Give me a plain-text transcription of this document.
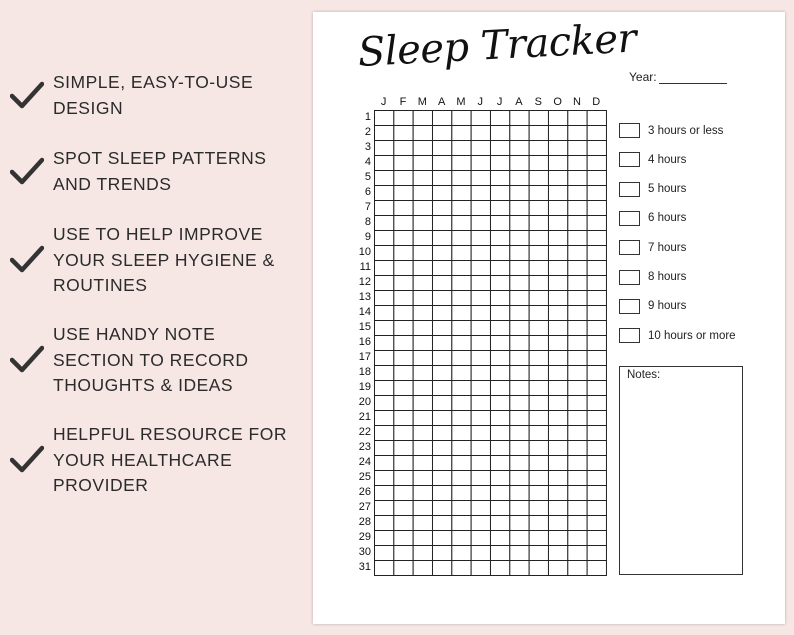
SIMPLE, EASY-TO-USE
DESIGN
SPOT SLEEP PATTERNS
AND TRENDS
USE TO HELP IMPROVE
YOUR SLEEP HYGIENE &
ROUTINES
USE HANDY NOTE
SECTION TO RECORD
THOUGHTS & IDEAS
HELPFUL RESOURCE FOR
YOUR HEALTHCARE
PROVIDER
Sleep Tracker
Year:
J	F	M	A	M	J	J	A	S	O	N	D
1
2
3
4
5
6
7
8
9
10
11
12
13
14
15
16
17
18
19
20
21
22
23
24
25
26
27
28
29
30
31
3 hours or less
4 hours
5 hours
6 hours
7 hours
8 hours
9 hours
10 hours or more
Notes:
